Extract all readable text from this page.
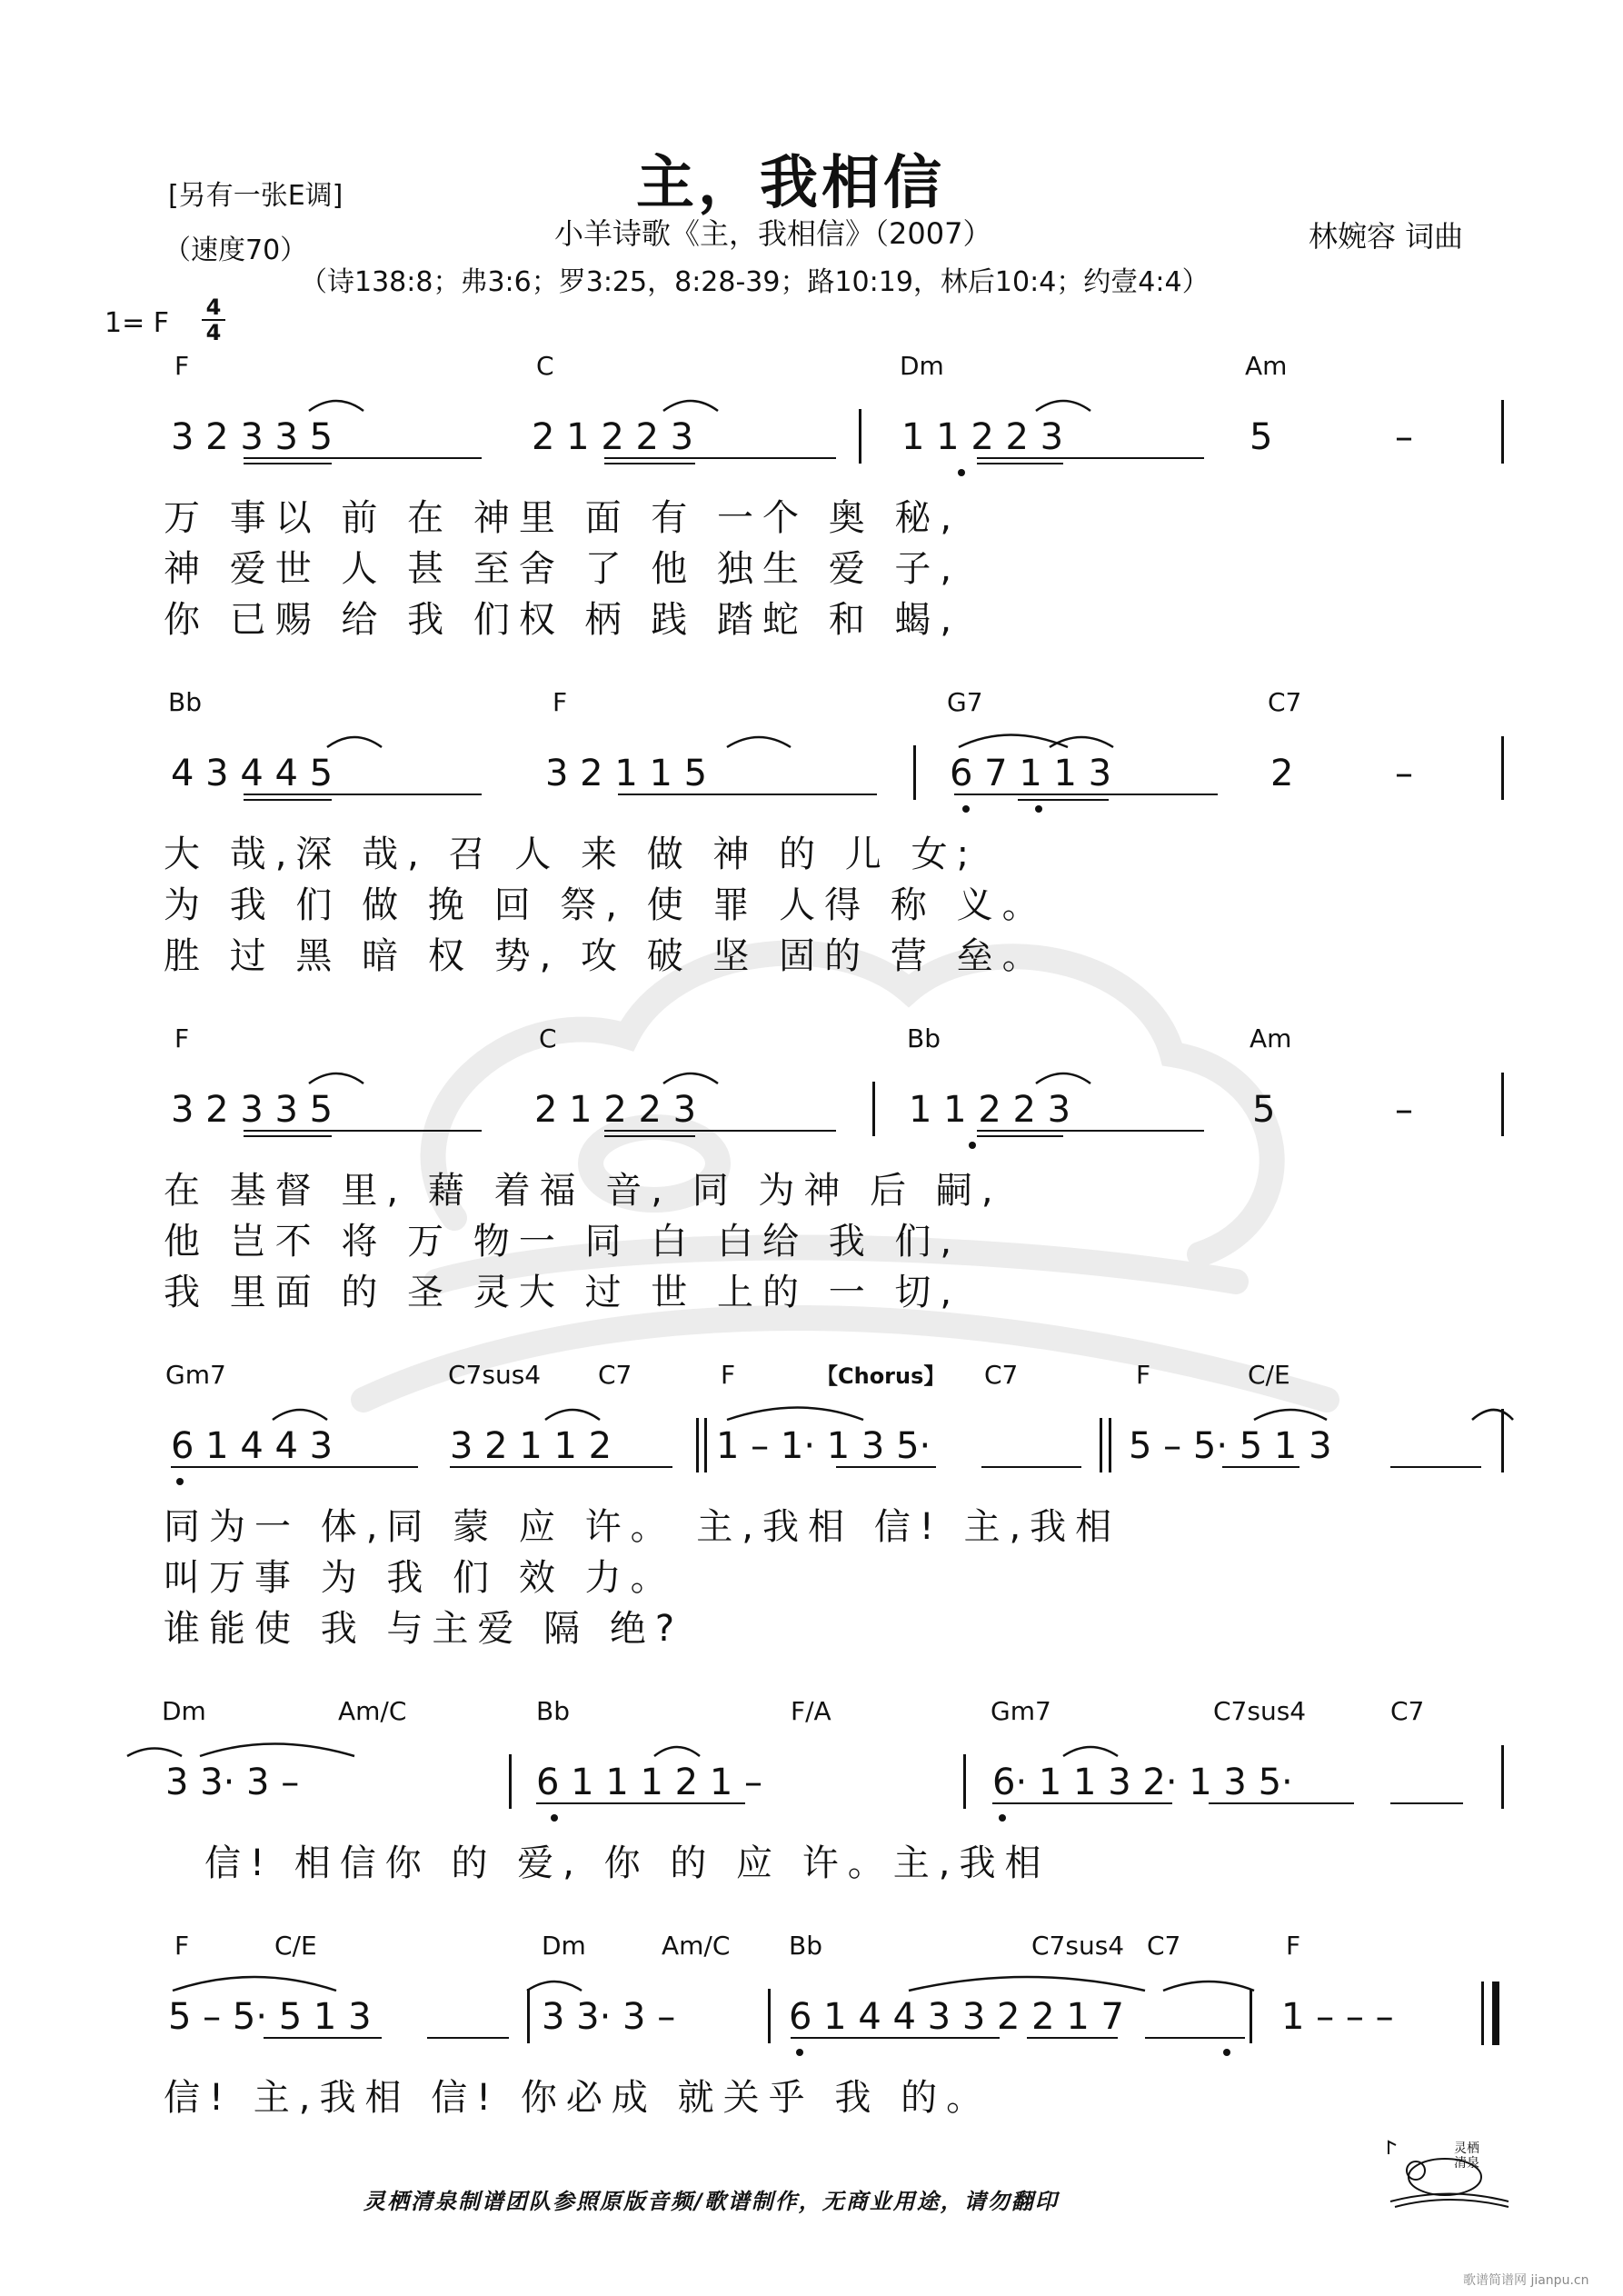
主，我相信
[另有一张E调]
（速度70）	小羊诗歌《主，我相信》（2007）	林婉容 词曲
（诗138:8；弗3:6；罗3:25，8:28-39；路10:19，林后10:4；约壹4:4）
1= F 4
4
F	C	Dm	Am
3 2 3 3 5	2 1 2 2 3	1 1 2 2 3	5	–
万 事以 前 在 神里 面 有 一个 奥 秘,
神 爱世 人 甚 至舍 了 他 独生 爱 子,
你 已赐 给 我 们权 柄 践 踏蛇 和 蝎,
Bb	F	G7	C7
4 3 4 4 5	3 2 1 1 5	6 7 1 1 3	2	–
大 哉,深 哉, 召 人 来 做 神 的 儿 女;
为 我 们 做 挽 回 祭, 使 罪 人得 称 义。
胜 过 黑 暗 权 势, 攻 破 坚 固的 营 垒。
F	C	Bb	Am
3 2 3 3 5	2 1 2 2 3	1 1 2 2 3	5	–
在 基督 里, 藉 着福 音, 同 为神 后 嗣,
他 岂不 将 万 物一 同 白 白给 我 们,
我 里面 的 圣 灵大 过 世 上的 一 切,
Gm7	C7sus4 C7	F	【Chorus】 C7	F	C/E
6 1 4 4 3	3 2 1 1 2	1 – 1· 1 3 5·	5 – 5· 5 1 3
同为一 体,同 蒙 应 许。 主,我相 信! 主,我相
叫万事 为 我 们 效 力。
谁能使 我 与主爱 隔 绝?
Dm	Am/C	Bb	F/A	Gm7	C7sus4	C7
3 3· 3 –	6 1 1 1 2 1 –	6· 1 1 3 2· 1 3 5·
信! 相信你 的 爱, 你 的 应 许。主,我相
F	C/E	Dm	Am/C Bb	C7sus4 C7	F
5 – 5· 5 1 3	3 3· 3 –	6 1 4 4 3 3 2 2 1 7	1 – – –
信! 主,我相 信! 你必成 就关乎 我 的。
灵栖清泉制谱团队参照原版音频/歌谱制作，无商业用途，请勿翻印
灵栖清泉
歌谱简谱网 jianpu.cn
